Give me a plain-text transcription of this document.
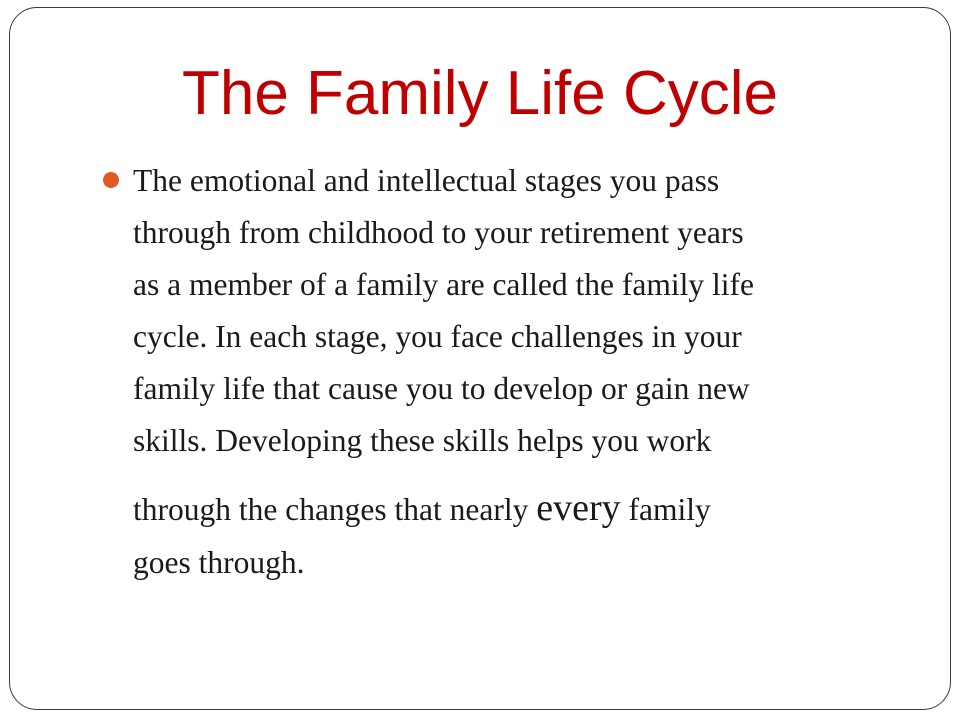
The Family Life Cycle
The emotional and intellectual stages you pass
through from childhood to your retirement years
as a member of a family are called the family life
cycle. In each stage, you face challenges in your
family life that cause you to develop or gain new
skills. Developing these skills helps you work
through the changes that nearly every family
goes through.
